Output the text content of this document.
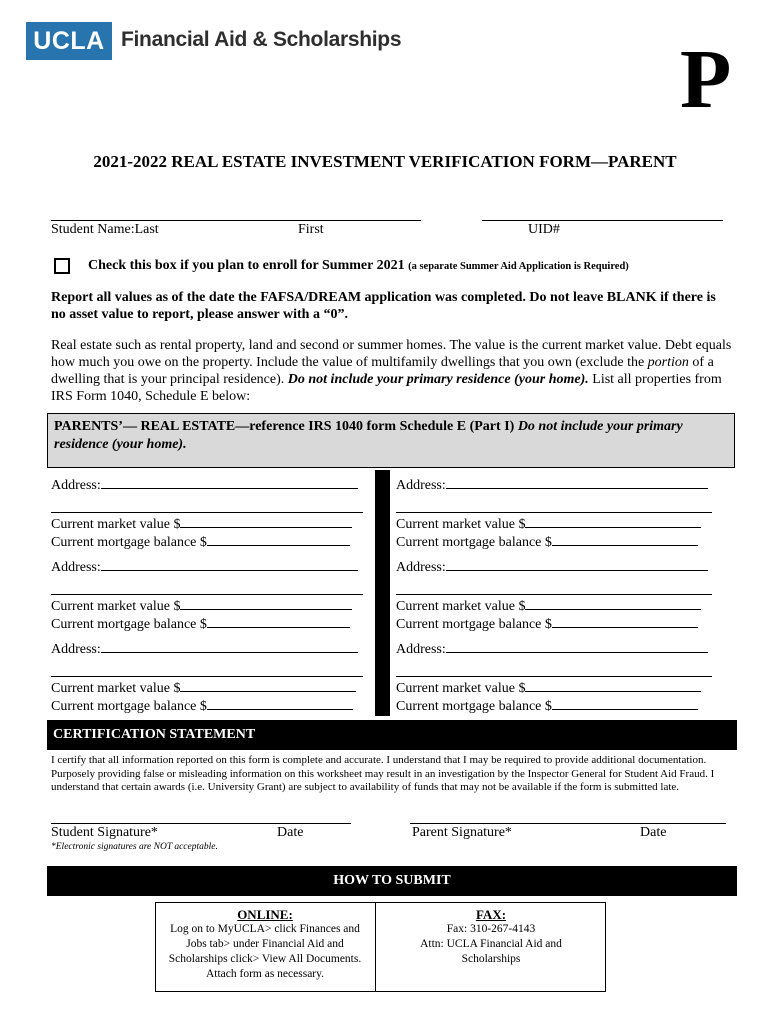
UCLA Financial Aid & Scholarships	P
2021-2022 REAL ESTATE INVESTMENT VERIFICATION FORM—PARENT
Student Name:Last	First	UID#
Check this box if you plan to enroll for Summer 2021 (a separate Summer Aid Application is Required)
Report all values as of the date the FAFSA/DREAM application was completed. Do not leave BLANK if there is no asset value to report, please answer with a “0”.
Real estate such as rental property, land and second or summer homes. The value is the current market value. Debt equals how much you owe on the property. Include the value of multifamily dwellings that you own (exclude the portion of a dwelling that is your principal residence). Do not include your primary residence (your home). List all properties from IRS Form 1040, Schedule E below:
PARENTS’— REAL ESTATE—reference IRS 1040 form Schedule E (Part I) Do not include your primary residence (your home).
Address:
Current market value $
Current mortgage balance $
Address:
Current market value $
Current mortgage balance $
Address:
Current market value $
Current mortgage balance $
Address:
Current market value $
Current mortgage balance $
Address:
Current market value $
Current mortgage balance $
Address:
Current market value $
Current mortgage balance $
CERTIFICATION STATEMENT
I certify that all information reported on this form is complete and accurate. I understand that I may be required to provide additional documentation. Purposely providing false or misleading information on this worksheet may result in an investigation by the Inspector General for Student Aid Fraud. I understand that certain awards (i.e. University Grant) are subject to availability of funds that may not be available if the form is submitted late.
Student Signature*	Date	Parent Signature*	Date
*Electronic signatures are NOT acceptable.
HOW TO SUBMIT
ONLINE:
Log on to MyUCLA> click Finances and Jobs tab> under Financial Aid and Scholarships click> View All Documents. Attach form as necessary.
FAX:
Fax: 310-267-4143
Attn: UCLA Financial Aid and Scholarships
